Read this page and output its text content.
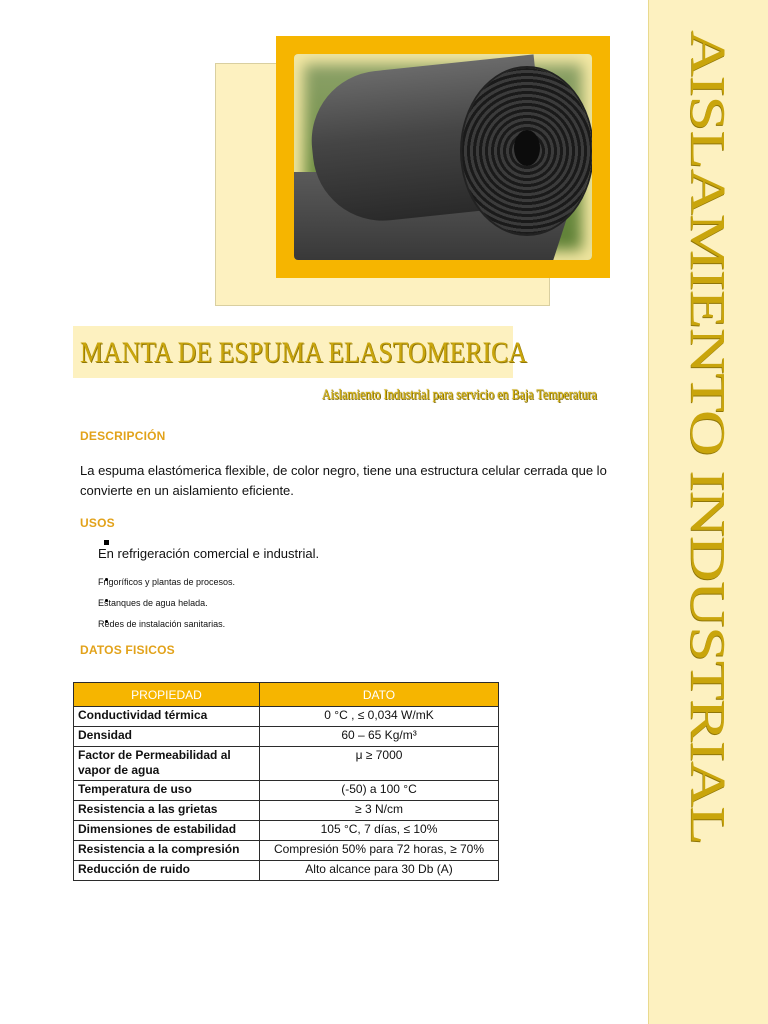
AISLAMIENTO INDUSTRIAL
MANTA DE ESPUMA ELASTOMERICA
Aislamiento Industrial para servicio en Baja Temperatura
DESCRIPCIÓN

La espuma elastómerica flexible, de color negro, tiene una estructura celular cerrada que lo convierte en un aislamiento eficiente.

USOS
En refrigeración comercial e industrial.
Frigoríficos y plantas de procesos.
Estanques de agua helada.
Redes de instalación sanitarias.
DATOS FISICOS
PROPIEDAD	DATO
Conductividad térmica	0 °C , ≤ 0,034 W/mK
Densidad	60 – 65 Kg/m³
Factor de Permeabilidad al vapor de agua	μ ≥ 7000
Temperatura de uso	(-50) a 100 °C
Resistencia a las grietas	≥ 3 N/cm
Dimensiones de estabilidad	105 °C, 7 días, ≤ 10%
Resistencia a la compresión	Compresión 50% para 72 horas, ≥ 70%
Reducción de ruido	Alto alcance para 30 Db (A)
